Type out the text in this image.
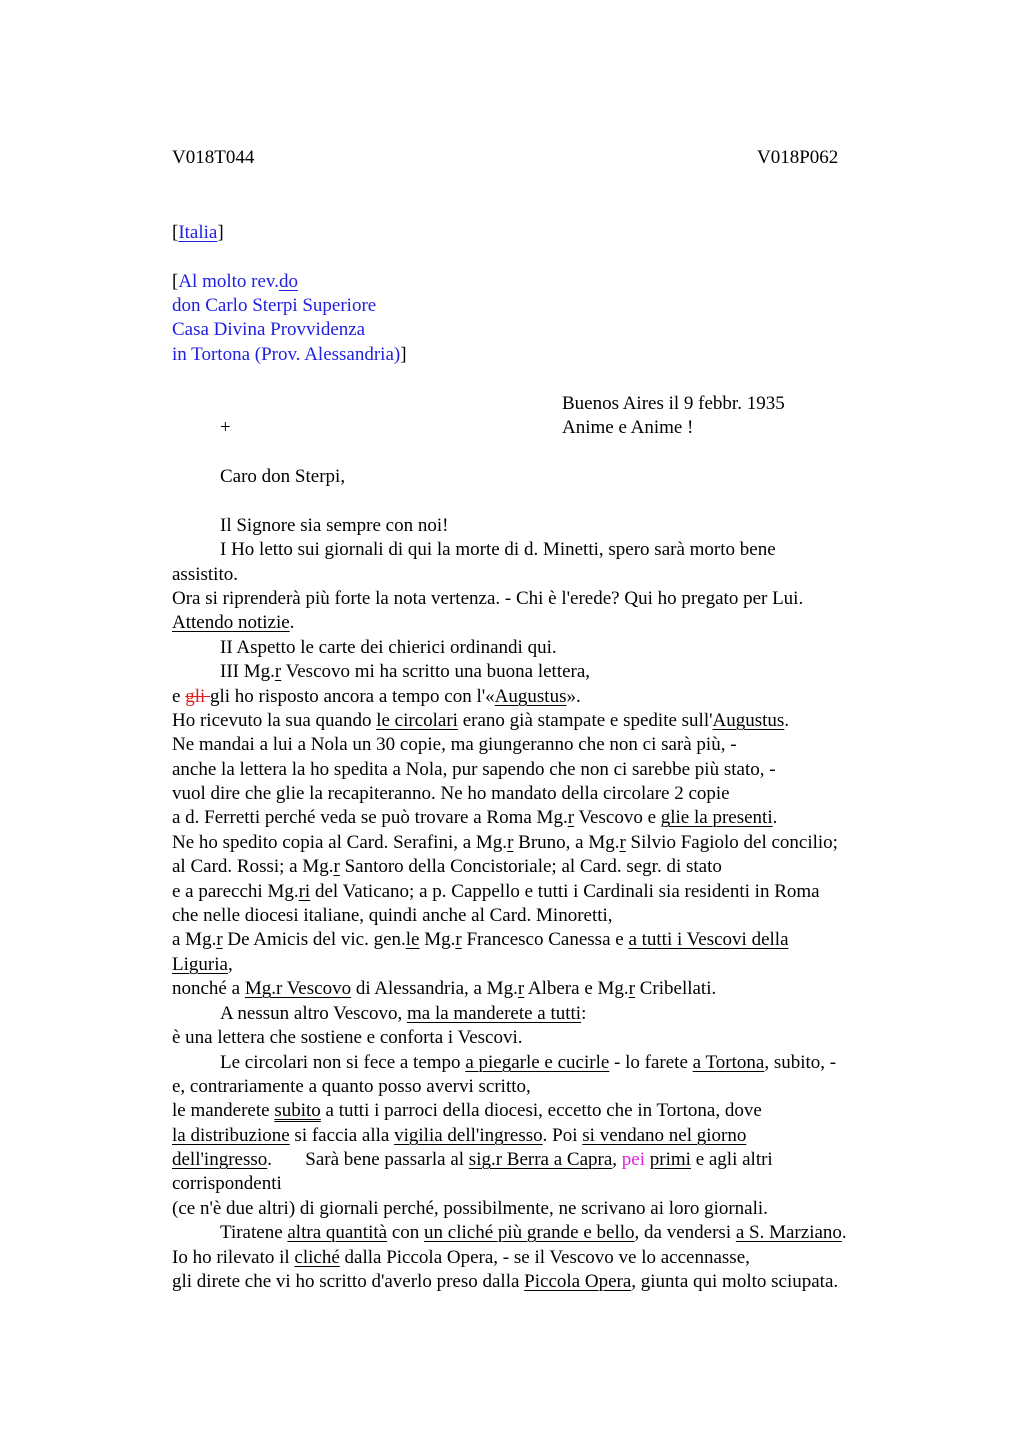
V018T044	V018P062
[Italia]
[Al molto rev.do
don Carlo Sterpi Superiore
Casa Divina Provvidenza
in Tortona (Prov. Alessandria)]
Buenos Aires il 9 febbr. 1935
+	Anime e Anime !
Caro don Sterpi,
Il Signore sia sempre con noi!
I Ho letto sui giornali di qui la morte di d. Minetti, spero sarà morto bene
assistito.
Ora si riprenderà più forte la nota vertenza. - Chi è l'erede? Qui ho pregato per Lui.
Attendo notizie.
II Aspetto le carte dei chierici ordinandi qui.
III Mg.r Vescovo mi ha scritto una buona lettera,
e gli gli ho risposto ancora a tempo con l'«Augustus».
Ho ricevuto la sua quando le circolari erano già stampate e spedite sull'Augustus.
Ne mandai a lui a Nola un 30 copie, ma giungeranno che non ci sarà più, -
anche la lettera la ho spedita a Nola, pur sapendo che non ci sarebbe più stato, -
vuol dire che glie la recapiteranno. Ne ho mandato della circolare 2 copie
a d. Ferretti perché veda se può trovare a Roma Mg.r Vescovo e glie la presenti.
Ne ho spedito copia al Card. Serafini, a Mg.r Bruno, a Mg.r Silvio Fagiolo del concilio;
al Card. Rossi; a Mg.r Santoro della Concistoriale; al Card. segr. di stato
e a parecchi Mg.ri del Vaticano; a p. Cappello e tutti i Cardinali sia residenti in Roma
che nelle diocesi italiane, quindi anche al Card. Minoretti,
a Mg.r De Amicis del vic. gen.le Mg.r Francesco Canessa e a tutti i Vescovi della
Liguria,
nonché a Mg.r Vescovo di Alessandria, a Mg.r Albera e Mg.r Cribellati.
A nessun altro Vescovo, ma la manderete a tutti:
è una lettera che sostiene e conforta i Vescovi.
Le circolari non si fece a tempo a piegarle e cucirle - lo farete a Tortona, subito, -
e, contrariamente a quanto posso avervi scritto,
le manderete subito a tutti i parroci della diocesi, eccetto che in Tortona, dove
la distribuzione si faccia alla vigilia dell'ingresso. Poi si vendano nel giorno
dell'ingresso.       Sarà bene passarla al sig.r Berra a Capra, pei primi e agli altri
corrispondenti
(ce n'è due altri) di giornali perché, possibilmente, ne scrivano ai loro giornali.
Tiratene altra quantità con un cliché più grande e bello, da vendersi a S. Marziano.
Io ho rilevato il cliché dalla Piccola Opera, - se il Vescovo ve lo accennasse,
gli direte che vi ho scritto d'averlo preso dalla Piccola Opera, giunta qui molto sciupata.
